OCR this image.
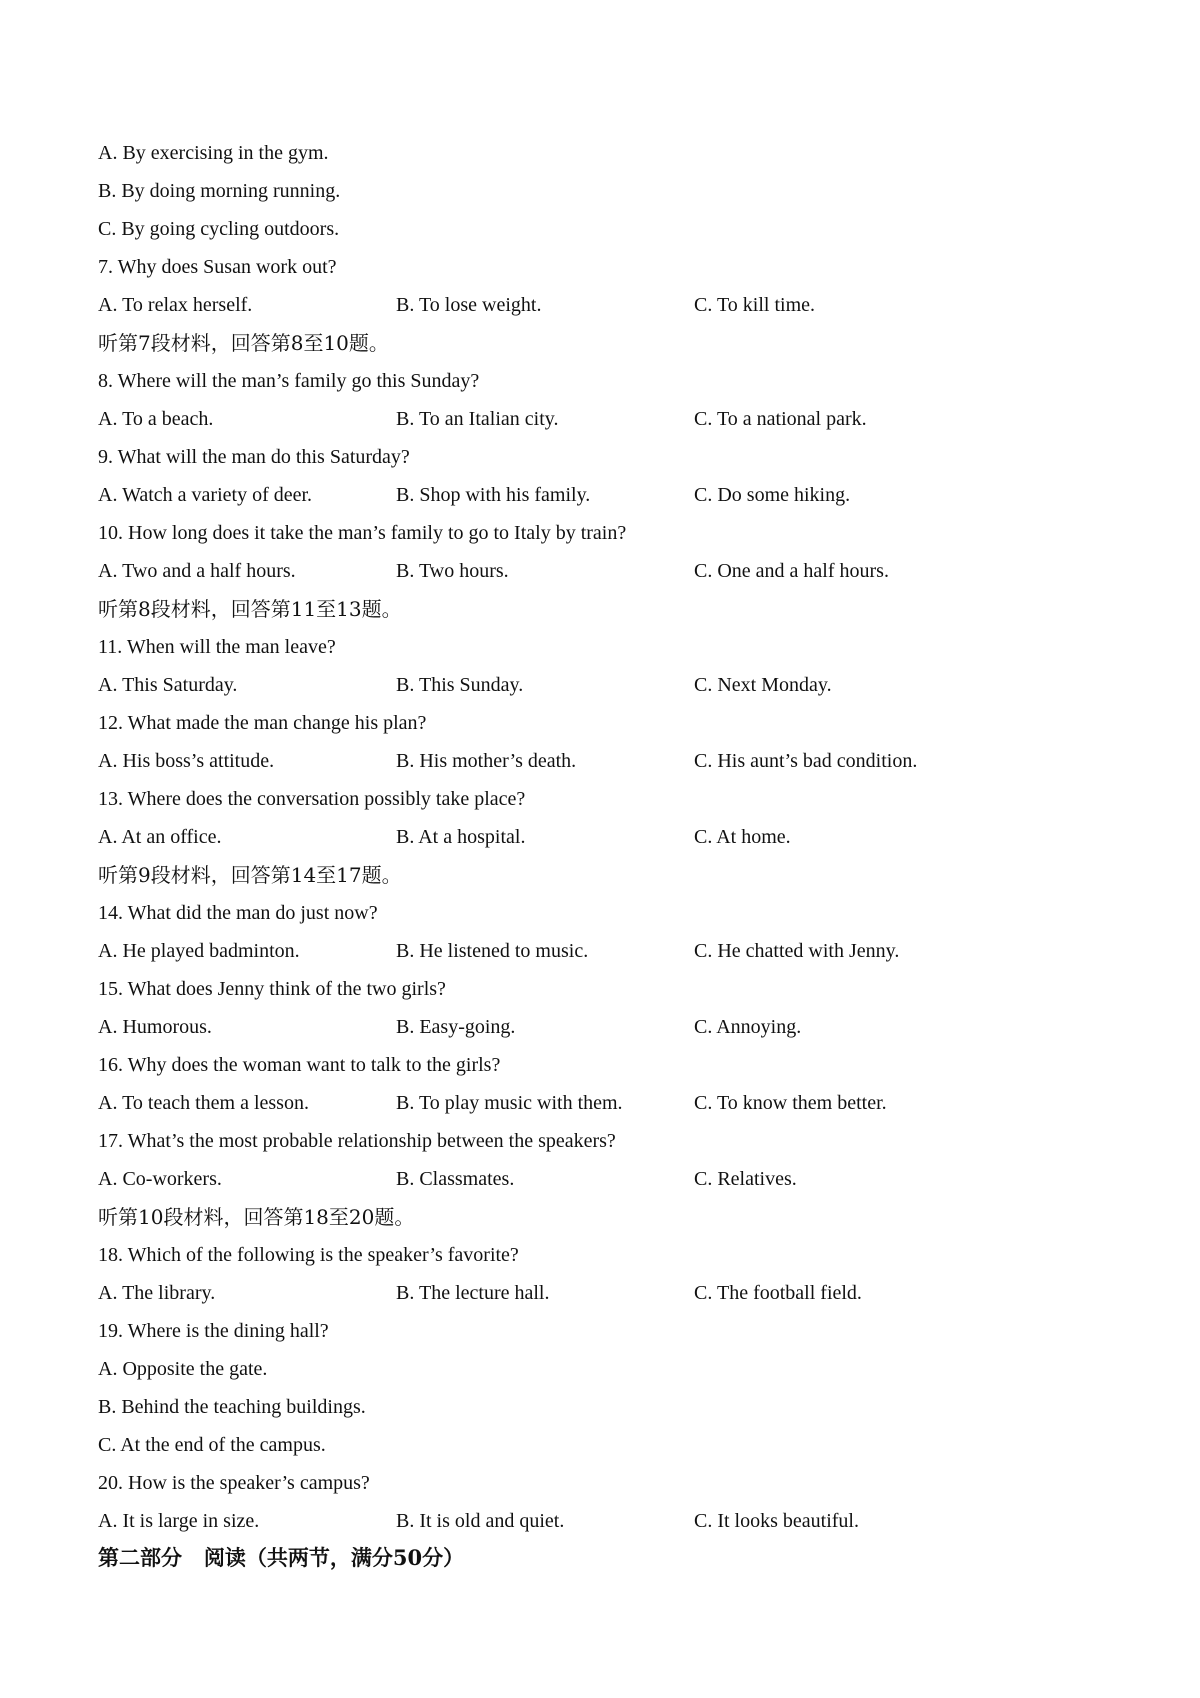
A. By exercising in the gym.
B. By doing morning running.
C. By going cycling outdoors.
7. Why does Susan work out?
A. To relax herself.	B. To lose weight.	C. To kill time.
听第7段材料，回答第8至10题。
8. Where will the man’s family go this Sunday?
A. To a beach.	B. To an Italian city.	C. To a national park.
9. What will the man do this Saturday?
A. Watch a variety of deer.	B. Shop with his family.	C. Do some hiking.
10. How long does it take the man’s family to go to Italy by train?
A. Two and a half hours.	B. Two hours.	C. One and a half hours.
听第8段材料，回答第11至13题。
11. When will the man leave?
A. This Saturday.	B. This Sunday.	C. Next Monday.
12. What made the man change his plan?
A. His boss’s attitude.	B. His mother’s death.	C. His aunt’s bad condition.
13. Where does the conversation possibly take place?
A. At an office.	B. At a hospital.	C. At home.
听第9段材料，回答第14至17题。
14. What did the man do just now?
A. He played badminton.	B. He listened to music.	C. He chatted with Jenny.
15. What does Jenny think of the two girls?
A. Humorous.	B. Easy-going.	C. Annoying.
16. Why does the woman want to talk to the girls?
A. To teach them a lesson.	B. To play music with them.	C. To know them better.
17. What’s the most probable relationship between the speakers?
A. Co-workers.	B. Classmates.	C. Relatives.
听第10段材料，回答第18至20题。
18. Which of the following is the speaker’s favorite?
A. The library.	B. The lecture hall.	C. The football field.
19. Where is the dining hall?
A. Opposite the gate.
B. Behind the teaching buildings.
C. At the end of the campus.
20. How is the speaker’s campus?
A. It is large in size.	B. It is old and quiet.	C. It looks beautiful.
第二部分   阅读（共两节，满分50分）
